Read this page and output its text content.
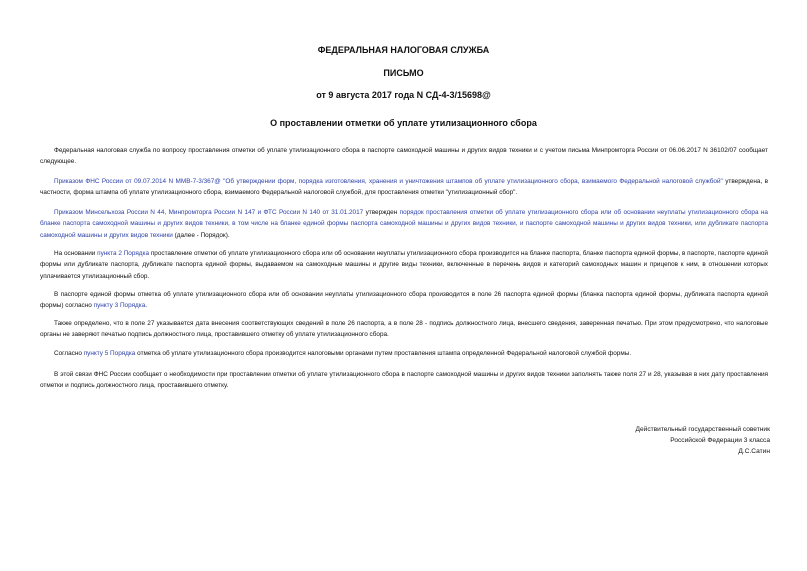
ФЕДЕРАЛЬНАЯ НАЛОГОВАЯ СЛУЖБА
ПИСЬМО
от 9 августа 2017 года N СД-4-3/15698@
О проставлении отметки об уплате утилизационного сбора

Федеральная налоговая служба по вопросу проставления отметки об уплате утилизационного сбора в паспорте самоходной машины и других видов техники и с учетом письма Минпромторга России от 06.06.2017 N 36102/07 сообщает следующее.

Приказом ФНС России от 09.07.2014 N ММВ-7-3/367@ "Об утверждении форм, порядка изготовления, хранения и уничтожения штампов об уплате утилизационного сбора, взимаемого Федеральной налоговой службой" утверждена, в частности, форма штампа об уплате утилизационного сбора, взимаемого Федеральной налоговой службой, для проставления отметки "утилизационный сбор".

Приказом Минсельхоза России N 44, Минпромторга России N 147 и ФТС России N 140 от 31.01.2017 утвержден порядок проставления отметки об уплате утилизационного сбора или об основании неуплаты утилизационного сбора на бланке паспорта самоходной машины и других видов техники, в том числе на бланке единой формы паспорта самоходной машины и других видов техники, и паспорте самоходной машины и других видов техники, или дубликате паспорта самоходной машины и других видов техники (далее - Порядок).

На основании пункта 2 Порядка проставление отметки об уплате утилизационного сбора или об основании неуплаты утилизационного сбора производится на бланке паспорта, бланке паспорта единой формы, в паспорте, паспорте единой формы или дубликате паспорта, дубликате паспорта единой формы, выдаваемом на самоходные машины и другие виды техники, включенные в перечень видов и категорий самоходных машин и прицепов к ним, в отношении которых уплачивается утилизационный сбор.

В паспорте единой формы отметка об уплате утилизационного сбора или об основании неуплаты утилизационного сбора производится в поле 26 паспорта единой формы (бланка паспорта единой формы, дубликата паспорта единой формы) согласно пункту 3 Порядка.

Также определено, что в поле 27 указывается дата внесения соответствующих сведений в поле 26 паспорта, а в поле 28 - подпись должностного лица, внесшего сведения, заверенная печатью. При этом предусмотрено, что налоговые органы не заверяют печатью подпись должностного лица, проставившего отметку об уплате утилизационного сбора.

Согласно пункту 5 Порядка отметка об уплате утилизационного сбора производится налоговыми органами путем проставления штампа определенной Федеральной налоговой службой формы.

В этой связи ФНС России сообщает о необходимости при проставлении отметки об уплате утилизационного сбора в паспорте самоходной машины и других видов техники заполнять также поля 27 и 28, указывая в них дату проставления отметки и подпись должностного лица, проставившего отметку.

Действительный государственный советник
Российской Федерации 3 класса
Д.С.Сатин
